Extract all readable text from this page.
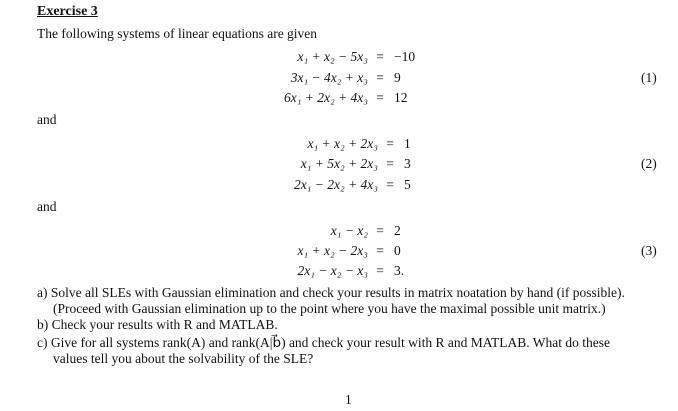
Exercise 3
The following systems of linear equations are given
x₁ + x₂ − 5x₃ = −10
3x₁ − 4x₂ + x₃ = 9
6x₁ + 2x₂ + 4x₃ = 12
(1)
x₁ + x₂ + 2x₃ = 1
x₁ + 5x₂ + 2x₃ = 3
2x₁ − 2x₂ + 4x₃ = 5
(2)
x₁ − x₂ = 2
x₁ + x₂ − 2x₃ = 0
2x₁ − x₂ − x₃ = 3.
(3)
and
and
a) Solve all SLEs with Gaussian elimination and check your results in matrix noatation by hand (if possible).
(Proceed with Gaussian elimination up to the point where you have the maximal possible unit matrix.)
b) Check your results with R and MATLAB.
c) Give for all systems rank(A) and rank(A|b⃗) and check your result with R and MATLAB. What do these
values tell you about the solvability of the SLE?
1
